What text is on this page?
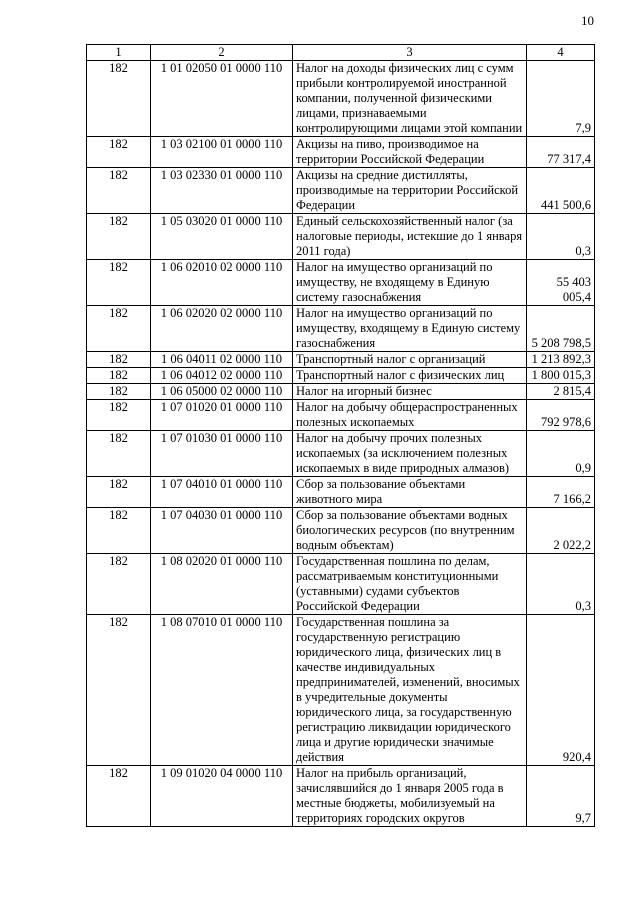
10
1	2	3	4
182	1 01 02050 01 0000 110	Налог на доходы физических лиц с сумм прибыли контролируемой иностранной компании, полученной физическими лицами, признаваемыми контролирующими лицами этой компании	7,9
182	1 03 02100 01 0000 110	Акцизы на пиво, производимое на территории Российской Федерации	77 317,4
182	1 03 02330 01 0000 110	Акцизы на средние дистилляты, производимые на территории Российской Федерации	441 500,6
182	1 05 03020 01 0000 110	Единый сельскохозяйственный налог (за налоговые периоды, истекшие до 1 января 2011 года)	0,3
182	1 06 02010 02 0000 110	Налог на имущество организаций по имуществу, не входящему в Единую систему газоснабжения	55 403 005,4
182	1 06 02020 02 0000 110	Налог на имущество организаций по имуществу, входящему в Единую систему газоснабжения	5 208 798,5
182	1 06 04011 02 0000 110	Транспортный налог с организаций	1 213 892,3
182	1 06 04012 02 0000 110	Транспортный налог с физических лиц	1 800 015,3
182	1 06 05000 02 0000 110	Налог на игорный бизнес	2 815,4
182	1 07 01020 01 0000 110	Налог на добычу общераспространенных полезных ископаемых	792 978,6
182	1 07 01030 01 0000 110	Налог на добычу прочих полезных ископаемых (за исключением полезных ископаемых в виде природных алмазов)	0,9
182	1 07 04010 01 0000 110	Сбор за пользование объектами животного мира	7 166,2
182	1 07 04030 01 0000 110	Сбор за пользование объектами водных биологических ресурсов (по внутренним водным объектам)	2 022,2
182	1 08 02020 01 0000 110	Государственная пошлина по делам, рассматриваемым конституционными (уставными) судами субъектов Российской Федерации	0,3
182	1 08 07010 01 0000 110	Государственная пошлина за государственную регистрацию юридического лица, физических лиц в качестве индивидуальных предпринимателей, изменений, вносимых в учредительные документы юридического лица, за государственную регистрацию ликвидации юридического лица и другие юридически значимые действия	920,4
182	1 09 01020 04 0000 110	Налог на прибыль организаций, зачислявшийся до 1 января 2005 года в местные бюджеты, мобилизуемый на территориях городских округов	9,7
